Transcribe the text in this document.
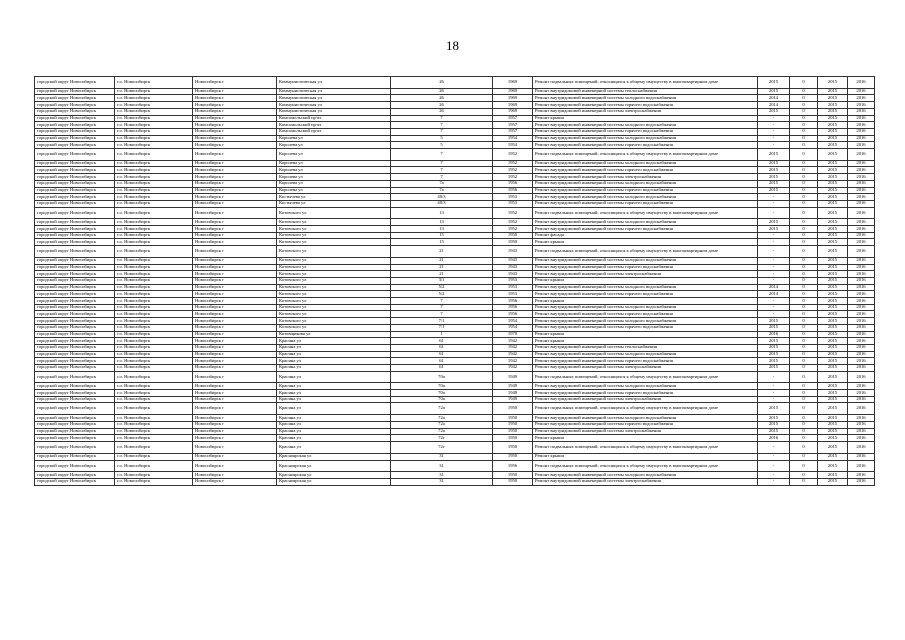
18
городской округ Новосибирск	г.о. Новосибирск	Новосибирск г	Коммунистическая ул	26	1969	Ремонт подвальных помещений, относящихся к общему имуществу в многоквартирном доме	2015	0	2015	2016
городской округ Новосибирск	г.о. Новосибирск	Новосибирск г	Коммунистическая ул	26	1969	Ремонт внутридомовой инженерной системы теплоснабжения	2015	0	2015	2016
городской округ Новосибирск	г.о. Новосибирск	Новосибирск г	Коммунистическая ул	26	1969	Ремонт внутридомовой инженерной системы холодного водоснабжения	2014	0	2015	2016
городской округ Новосибирск	г.о. Новосибирск	Новосибирск г	Коммунистическая ул	26	1969	Ремонт внутридомовой инженерной системы горячего водоснабжения	2014	0	2015	2016
городской округ Новосибирск	г.о. Новосибирск	Новосибирск г	Коммунистическая ул	26	1969	Ремонт внутридомовой инженерной системы электроснабжения	2015	0	2015	2016
городской округ Новосибирск	г.о. Новосибирск	Новосибирск г	Комсомольский пр-кт	7	1957	Ремонт крыши	-	0	2015	2016
городской округ Новосибирск	г.о. Новосибирск	Новосибирск г	Комсомольский пр-кт	7	1957	Ремонт внутридомовой инженерной системы холодного водоснабжения	-	0	2015	2016
городской округ Новосибирск	г.о. Новосибирск	Новосибирск г	Комсомольский пр-кт	7	1957	Ремонт внутридомовой инженерной системы горячего водоснабжения	-	0	2015	2016
городской округ Новосибирск	г.о. Новосибирск	Новосибирск г	Королева ул	5	1954	Ремонт внутридомовой инженерной системы холодного водоснабжения	-	0	2015	2016
городской округ Новосибирск	г.о. Новосибирск	Новосибирск г	Королева ул	5	1954	Ремонт внутридомовой инженерной системы горячего водоснабжения	-	0	2015	2016
городской округ Новосибирск	г.о. Новосибирск	Новосибирск г	Королева ул	7	1952	Ремонт подвальных помещений, относящихся к общему имуществу в многоквартирном доме	2015	0	2015	2016
городской округ Новосибирск	г.о. Новосибирск	Новосибирск г	Королева ул	7	1952	Ремонт внутридомовой инженерной системы холодного водоснабжения	2015	0	2015	2016
городской округ Новосибирск	г.о. Новосибирск	Новосибирск г	Королева ул	7	1952	Ремонт внутридомовой инженерной системы горячего водоснабжения	2015	0	2015	2016
городской округ Новосибирск	г.о. Новосибирск	Новосибирск г	Королева ул	7	1952	Ремонт внутридомовой инженерной системы электроснабжения	2015	0	2015	2016
городской округ Новосибирск	г.о. Новосибирск	Новосибирск г	Королева ул	7а	1956	Ремонт внутридомовой инженерной системы холодного водоснабжения	2015	0	2015	2016
городской округ Новосибирск	г.о. Новосибирск	Новосибирск г	Королева ул	7а	1956	Ремонт внутридомовой инженерной системы горячего водоснабжения	2015	0	2015	2016
городской округ Новосибирск	г.о. Новосибирск	Новосибирск г	Костычева ул	40/3	1953	Ремонт внутридомовой инженерной системы холодного водоснабжения	-	0	2015	2016
городской округ Новосибирск	г.о. Новосибирск	Новосибирск г	Костычева ул	40/3	1953	Ремонт внутридомовой инженерной системы горячего водоснабжения	-	0	2015	2016
городской округ Новосибирск	г.о. Новосибирск	Новосибирск г	Котовского ул	13	1952	Ремонт подвальных помещений, относящихся к общему имуществу в многоквартирном доме	-	0	2015	2016
городской округ Новосибирск	г.о. Новосибирск	Новосибирск г	Котовского ул	13	1952	Ремонт внутридомовой инженерной системы холодного водоснабжения	2015	0	2015	2016
городской округ Новосибирск	г.о. Новосибирск	Новосибирск г	Котовского ул	13	1952	Ремонт внутридомовой инженерной системы горячего водоснабжения	2015	0	2015	2016
городской округ Новосибирск	г.о. Новосибирск	Новосибирск г	Котовского ул	15	1950	Ремонт фасада	-	0	2015	2016
городской округ Новосибирск	г.о. Новосибирск	Новосибирск г	Котовского ул	15	1950	Ремонт крыши	-	0	2015	2016
городской округ Новосибирск	г.о. Новосибирск	Новосибирск г	Котовского ул	21	1943	Ремонт подвальных помещений, относящихся к общему имуществу в многоквартирном доме	-	0	2015	2016
городской округ Новосибирск	г.о. Новосибирск	Новосибирск г	Котовского ул	21	1943	Ремонт внутридомовой инженерной системы холодного водоснабжения	-	0	2015	2016
городской округ Новосибирск	г.о. Новосибирск	Новосибирск г	Котовского ул	21	1943	Ремонт внутридомовой инженерной системы горячего водоснабжения	-	0	2015	2016
городской округ Новосибирск	г.о. Новосибирск	Новосибирск г	Котовского ул	21	1943	Ремонт внутридомовой инженерной системы электроснабжения	-	0	2015	2016
городской округ Новосибирск	г.о. Новосибирск	Новосибирск г	Котовского ул	3/1	1953	Ремонт крыши	-	0	2015	2016
городской округ Новосибирск	г.о. Новосибирск	Новосибирск г	Котовского ул	5/2	1953	Ремонт внутридомовой инженерной системы холодного водоснабжения	2014	0	2015	2016
городской округ Новосибирск	г.о. Новосибирск	Новосибирск г	Котовского ул	5/2	1953	Ремонт внутридомовой инженерной системы горячего водоснабжения	2014	0	2015	2016
городской округ Новосибирск	г.о. Новосибирск	Новосибирск г	Котовского ул	7	1956	Ремонт крыши	-	0	2015	2016
городской округ Новосибирск	г.о. Новосибирск	Новосибирск г	Котовского ул	7	1956	Ремонт внутридомовой инженерной системы холодного водоснабжения	-	0	2015	2016
городской округ Новосибирск	г.о. Новосибирск	Новосибирск г	Котовского ул	7	1956	Ремонт внутридомовой инженерной системы горячего водоснабжения	-	0	2015	2016
городской округ Новосибирск	г.о. Новосибирск	Новосибирск г	Котовского ул	7/1	1954	Ремонт внутридомовой инженерной системы холодного водоснабжения	2015	0	2015	2016
городской округ Новосибирск	г.о. Новосибирск	Новосибирск г	Котовского ул	7/1	1954	Ремонт внутридомовой инженерной системы горячего водоснабжения	2015	0	2015	2016
городской округ Новосибирск	г.о. Новосибирск	Новосибирск г	Котовщикова ул	1	1970	Ремонт крыши	2016	0	2015	2016
городской округ Новосибирск	г.о. Новосибирск	Новосибирск г	Красина ул	61	1942	Ремонт крыши	2015	0	2015	2016
городской округ Новосибирск	г.о. Новосибирск	Новосибирск г	Красина ул	61	1942	Ремонт внутридомовой инженерной системы теплоснабжения	2015	0	2015	2016
городской округ Новосибирск	г.о. Новосибирск	Новосибирск г	Красина ул	61	1942	Ремонт внутридомовой инженерной системы холодного водоснабжения	2015	0	2015	2016
городской округ Новосибирск	г.о. Новосибирск	Новосибирск г	Красина ул	61	1942	Ремонт внутридомовой инженерной системы горячего водоснабжения	2015	0	2015	2016
городской округ Новосибирск	г.о. Новосибирск	Новосибирск г	Красина ул	61	1942	Ремонт внутридомовой инженерной системы электроснабжения	2015	0	2015	2016
городской округ Новосибирск	г.о. Новосибирск	Новосибирск г	Красина ул	70а	1949	Ремонт подвальных помещений, относящихся к общему имуществу в многоквартирном доме	-	0	2015	2016
городской округ Новосибирск	г.о. Новосибирск	Новосибирск г	Красина ул	70а	1949	Ремонт внутридомовой инженерной системы холодного водоснабжения	-	0	2015	2016
городской округ Новосибирск	г.о. Новосибирск	Новосибирск г	Красина ул	70а	1949	Ремонт внутридомовой инженерной системы горячего водоснабжения	-	0	2015	2016
городской округ Новосибирск	г.о. Новосибирск	Новосибирск г	Красина ул	70а	1949	Ремонт внутридомовой инженерной системы электроснабжения	-	0	2015	2016
городской округ Новосибирск	г.о. Новосибирск	Новосибирск г	Красина ул	72а	1950	Ремонт подвальных помещений, относящихся к общему имуществу в многоквартирном доме	2015	0	2015	2016
городской округ Новосибирск	г.о. Новосибирск	Новосибирск г	Красина ул	72а	1950	Ремонт внутридомовой инженерной системы холодного водоснабжения	2015	0	2015	2016
городской округ Новосибирск	г.о. Новосибирск	Новосибирск г	Красина ул	72а	1950	Ремонт внутридомовой инженерной системы горячего водоснабжения	2015	0	2015	2016
городской округ Новосибирск	г.о. Новосибирск	Новосибирск г	Красина ул	72а	1950	Ремонт внутридомовой инженерной системы электроснабжения	2015	0	2015	2016
городской округ Новосибирск	г.о. Новосибирск	Новосибирск г	Красина ул	72г	1950	Ремонт крыши	2016	0	2015	2016
городской округ Новосибирск	г.о. Новосибирск	Новосибирск г	Красина ул	72г	1950	Ремонт подвальных помещений, относящихся к общему имуществу в многоквартирном доме	-	0	2015	2016
городской округ Новосибирск	г.о. Новосибирск	Новосибирск г	Красноярская ул	31	1950	Ремонт крыши	-	0	2015	2016
городской округ Новосибирск	г.о. Новосибирск	Новосибирск г	Красноярская ул	31	1956	Ремонт подвальных помещений, относящихся к общему имуществу в многоквартирном доме	-	0	2015	2016
городской округ Новосибирск	г.о. Новосибирск	Новосибирск г	Красноярская ул	31	1950	Ремонт внутридомовой инженерной системы холодного водоснабжения	-	0	2015	2016
городской округ Новосибирск	г.о. Новосибирск	Новосибирск г	Красноярская ул	31	1950	Ремонт внутридомовой инженерной системы электроснабжения	-	0	2015	2016
